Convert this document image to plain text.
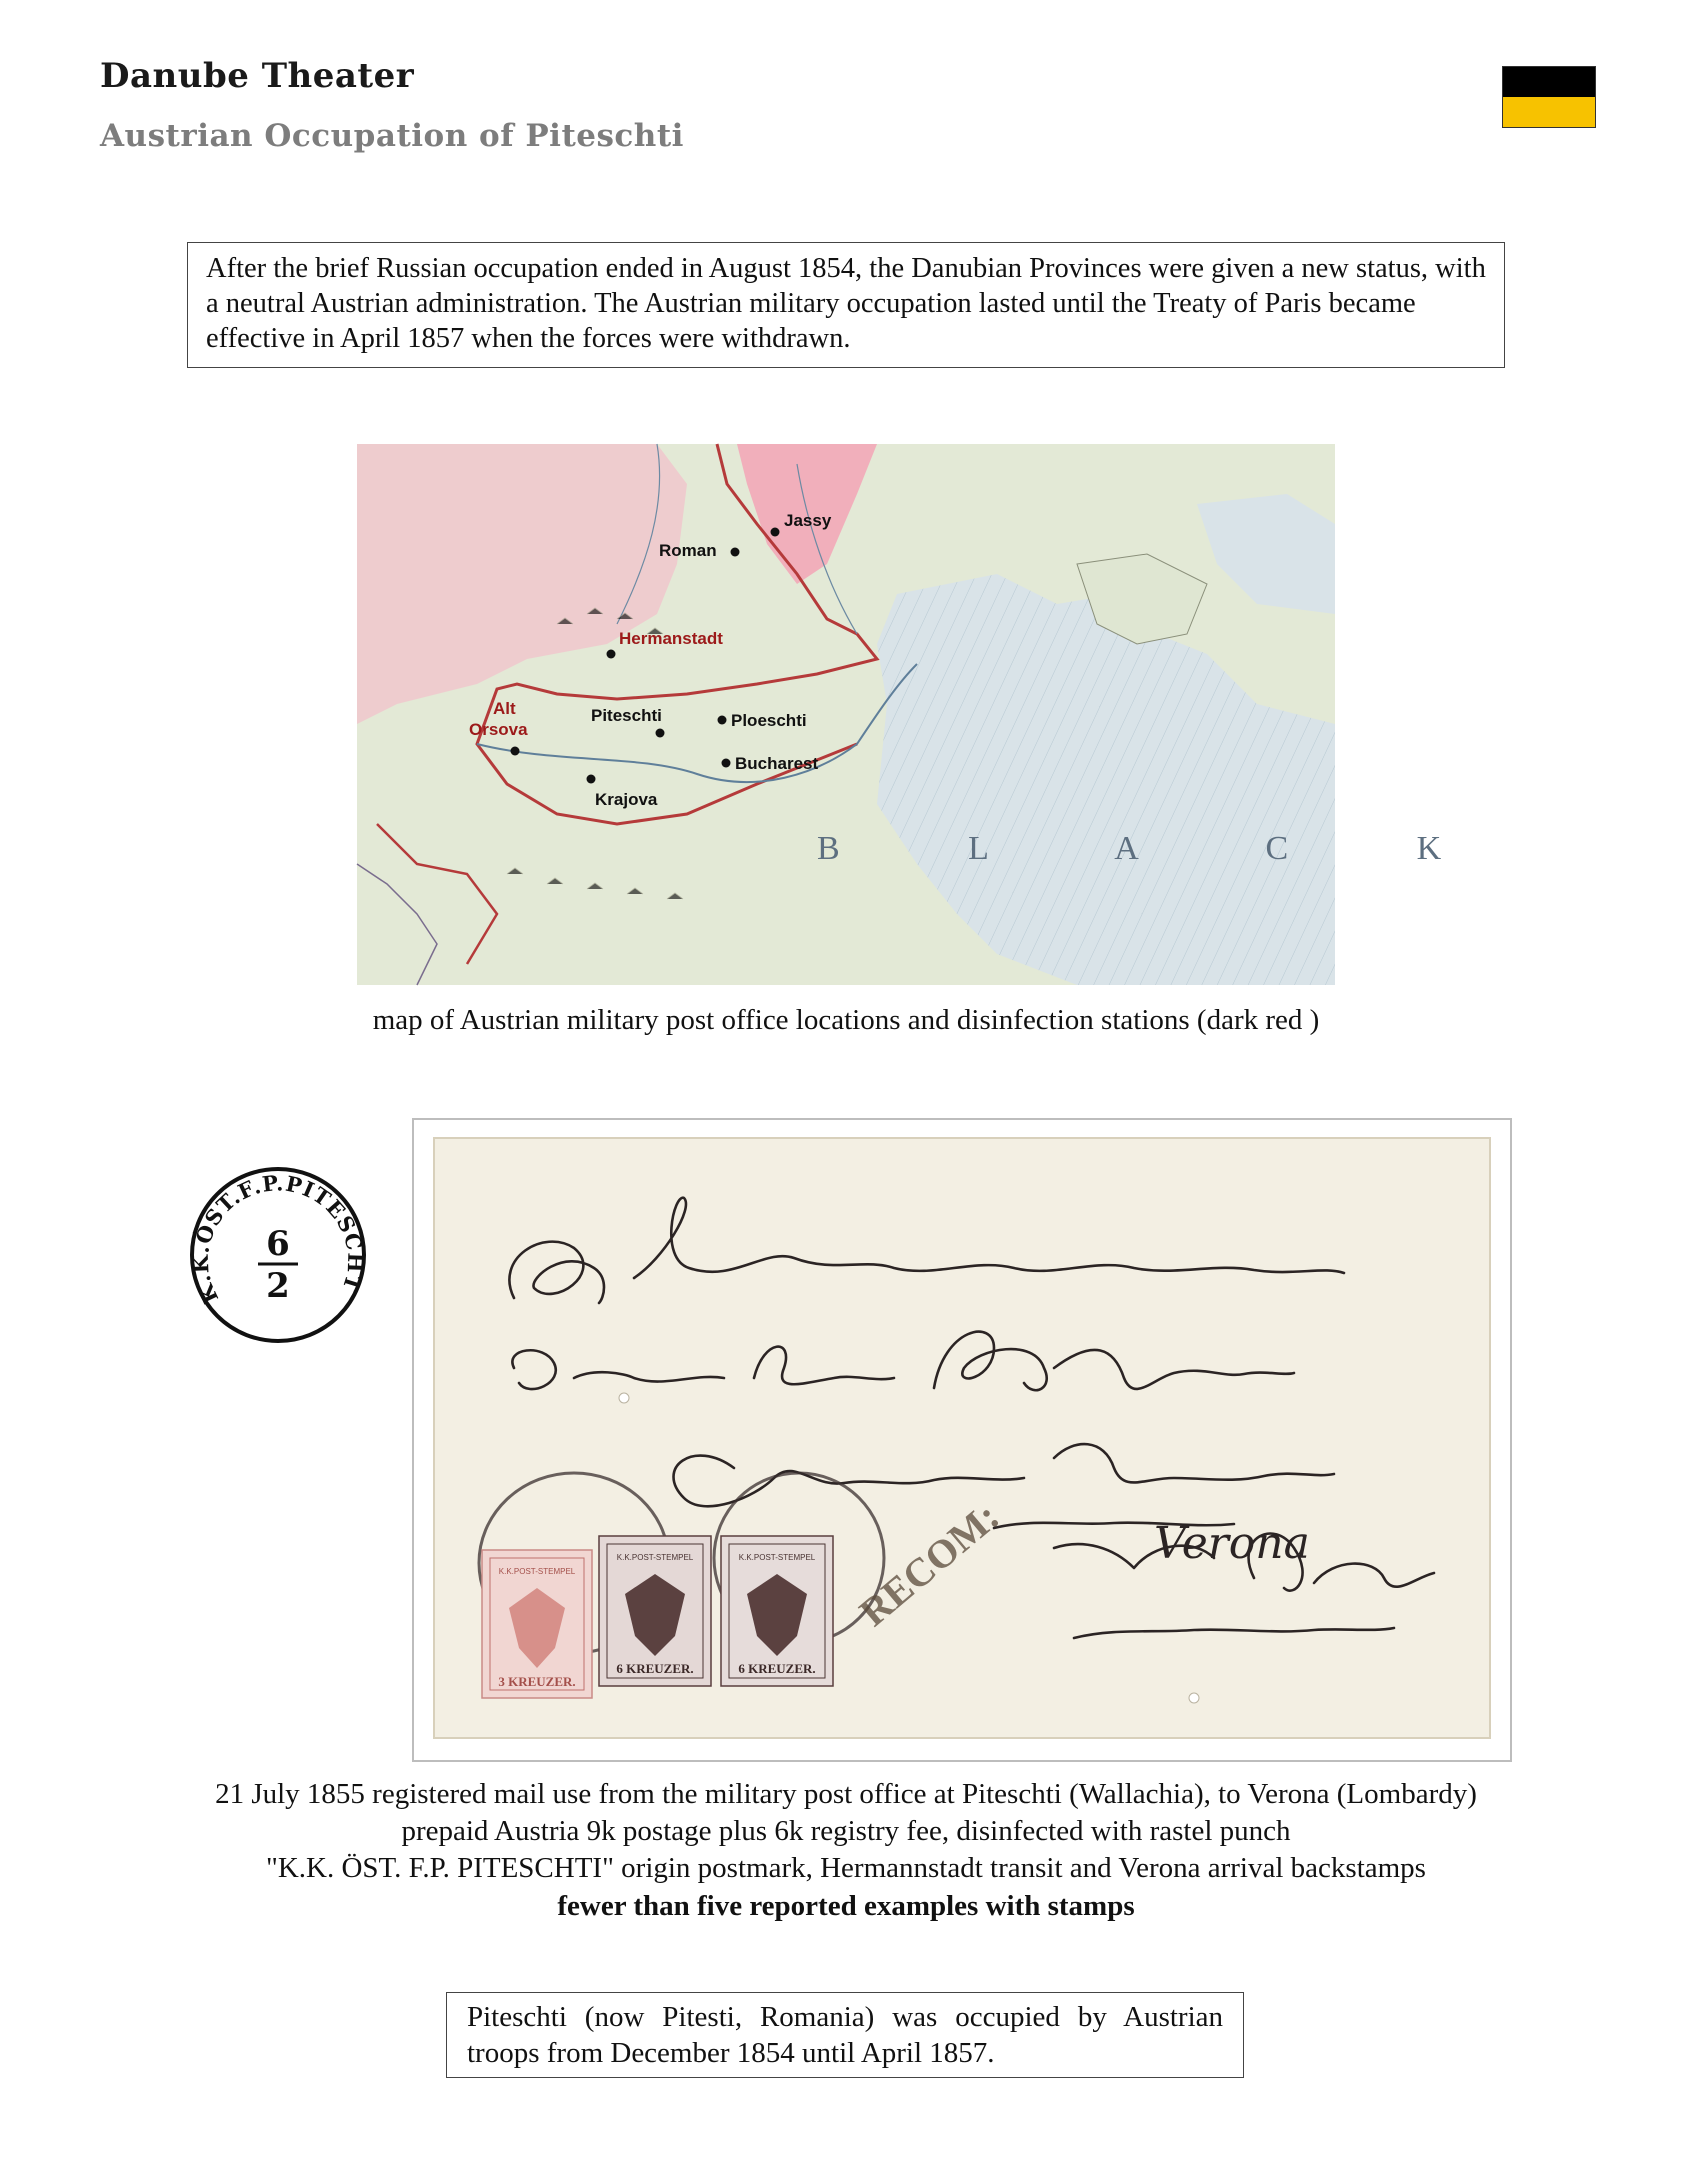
Danube Theater
Austrian Occupation of Piteschti
After the brief Russian occupation ended in August 1854, the Danubian Provinces were given a new status, with a neutral Austrian administration. The Austrian military occupation lasted until the Treaty of Paris became effective in April 1857 when the forces were withdrawn.
B L A C K
Jassy
Roman
Hermanstadt
Alt
Orsova
Piteschti	Ploeschti
Bucharest
Krajova
map of Austrian military post office locations and disinfection stations (dark red )
K.K.ÖST.F.P.PITESCHT
6
2
RECOM:	Verona
K.K.POST-STEMPEL
3 KREUZER.
K.K.POST-STEMPEL
6 KREUZER.
K.K.POST-STEMPEL
6 KREUZER.
21 July 1855 registered mail use from the military post office at Piteschti (Wallachia), to Verona (Lombardy)
prepaid Austria 9k postage plus 6k registry fee, disinfected with rastel punch
"K.K. ÖST. F.P. PITESCHTI" origin postmark, Hermannstadt transit and Verona arrival backstamps
fewer than five reported examples with stamps
Piteschti (now Pitesti, Romania) was occupied by Austrian troops from December 1854 until April 1857.
